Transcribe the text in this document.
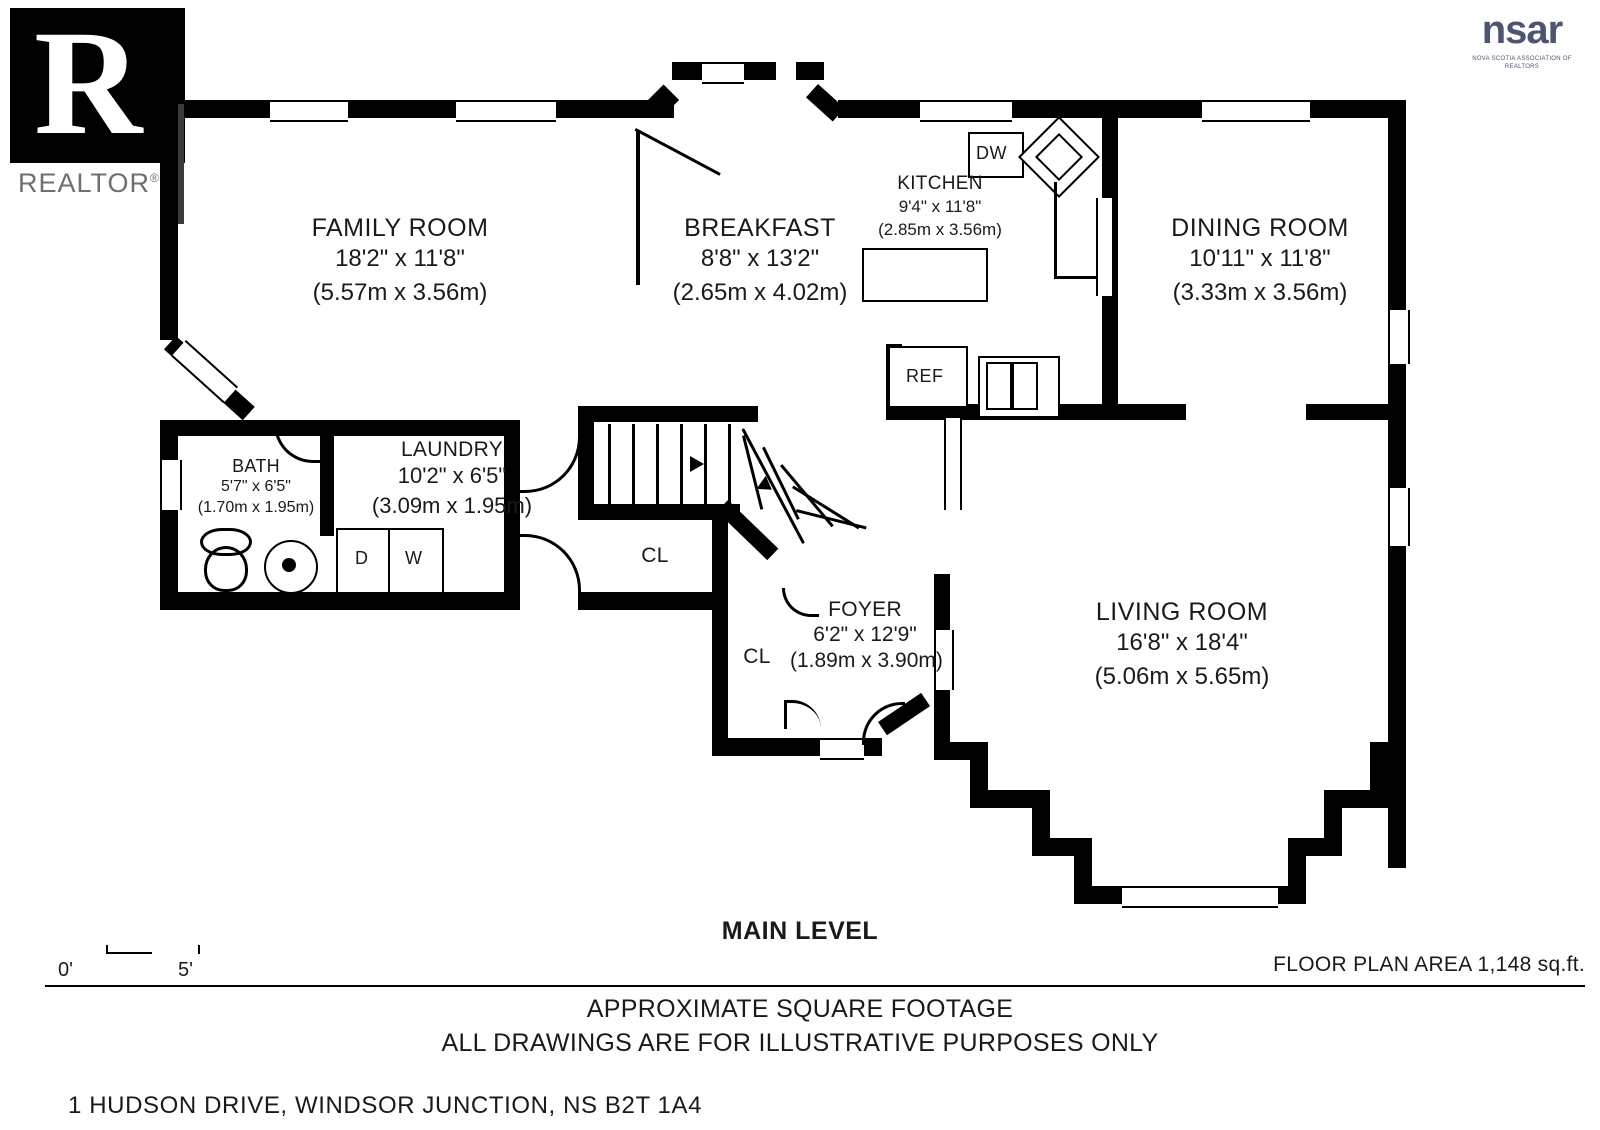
R
REALTOR®
nsar
NOVA SCOTIA ASSOCIATION OF REALTORS
D W
DW
REF
FAMILY ROOM
18'2" x 11'8"
(5.57m x 3.56m)
BREAKFAST
8'8" x 13'2"
(2.65m x 4.02m)
KITCHEN
9'4" x 11'8"
(2.85m x 3.56m)	DINING ROOM
10'11" x 11'8"
(3.33m x 3.56m)
LIVING ROOM
16'8" x 18'4"
(5.06m x 5.65m)
LAUNDRY
10'2" x 6'5"
(3.09m x 1.95m)
BATH
5'7" x 6'5"
(1.70m x 1.95m)
FOYER
6'2" x 12'9"
(1.89m x 3.90m)
CL
CL
0'	5'
MAIN LEVEL
FLOOR PLAN AREA 1,148 sq.ft.
APPROXIMATE SQUARE FOOTAGE
ALL DRAWINGS ARE FOR ILLUSTRATIVE PURPOSES ONLY
1 HUDSON DRIVE, WINDSOR JUNCTION, NS B2T 1A4
